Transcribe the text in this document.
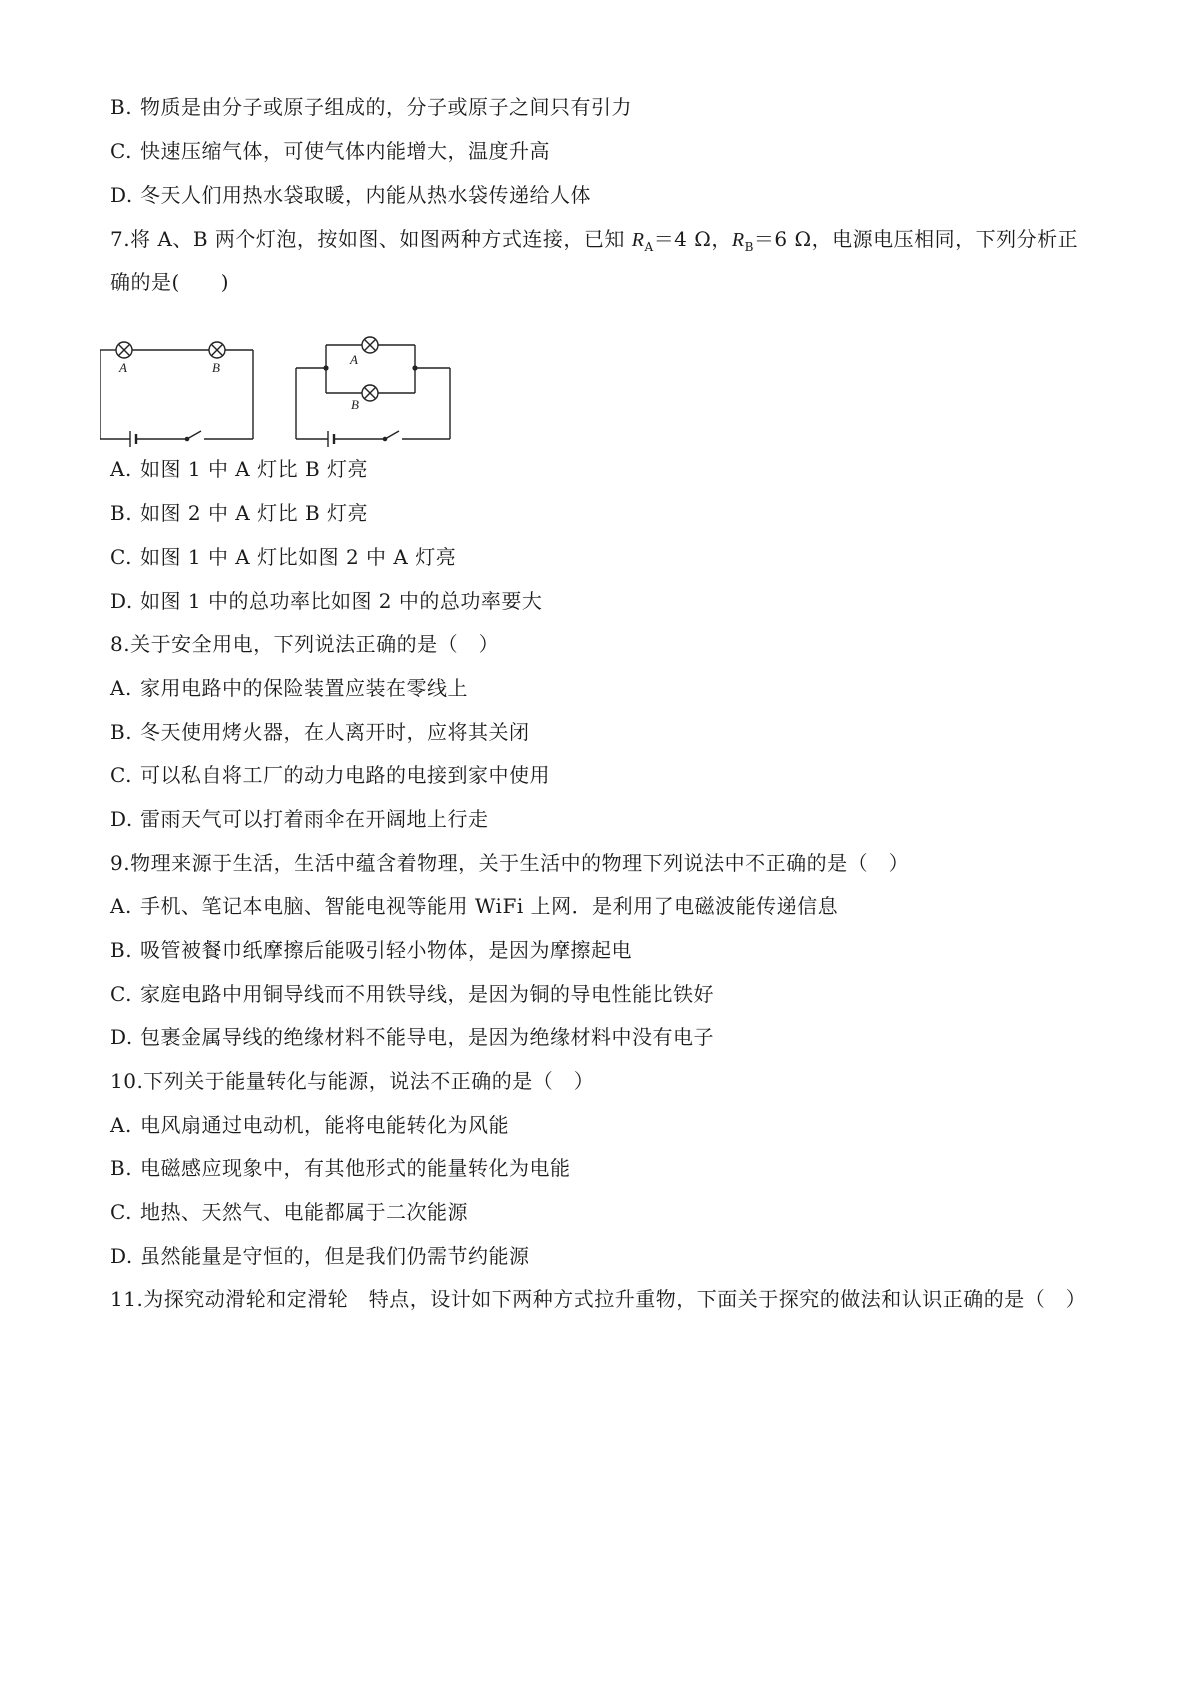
B. 物质是由分子或原子组成的，分子或原子之间只有引力
C. 快速压缩气体，可使气体内能增大，温度升高
D. 冬天人们用热水袋取暖，内能从热水袋传递给人体
7.将 A、B 两个灯泡，按如图、如图两种方式连接，已知 $R_A=4$ Ω，$R_B=6$ Ω，电源电压相同，下列分析正
确的是(　　)
A	B
A
B
A. 如图 1 中 A 灯比 B 灯亮
B. 如图 2 中 A 灯比 B 灯亮
C. 如图 1 中 A 灯比如图 2 中 A 灯亮
D. 如图 1 中的总功率比如图 2 中的总功率要大
8.关于安全用电，下列说法正确的是（　）
A. 家用电路中的保险装置应装在零线上
B. 冬天使用烤火器，在人离开时，应将其关闭
C. 可以私自将工厂的动力电路的电接到家中使用
D. 雷雨天气可以打着雨伞在开阔地上行走
9.物理来源于生活，生活中蕴含着物理，关于生活中的物理下列说法中不正确的是（　）
A. 手机、笔记本电脑、智能电视等能用 WiFi 上网．是利用了电磁波能传递信息
B. 吸管被餐巾纸摩擦后能吸引轻小物体，是因为摩擦起电
C. 家庭电路中用铜导线而不用铁导线，是因为铜的导电性能比铁好
D. 包裹金属导线的绝缘材料不能导电，是因为绝缘材料中没有电子
10.下列关于能量转化与能源，说法不正确的是（　）
A. 电风扇通过电动机，能将电能转化为风能
B. 电磁感应现象中，有其他形式的能量转化为电能
C. 地热、天然气、电能都属于二次能源
D. 虽然能量是守恒的，但是我们仍需节约能源
11.为探究动滑轮和定滑轮　特点，设计如下两种方式拉升重物，下面关于探究的做法和认识正确的是（　）
